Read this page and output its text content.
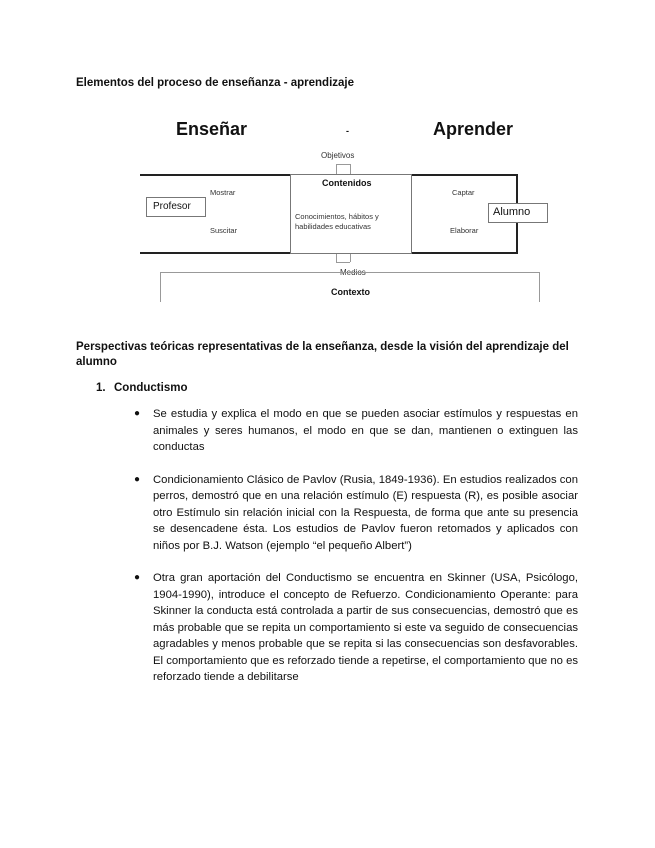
Elementos del proceso de enseñanza - aprendizaje
Enseñar	-	Aprender
Objetivos
Contenidos
Conocimientos, hábitos y habilidades educativas
Mostrar
Suscitar
Profesor
Captar
Elaborar
Alumno
Contexto
Perspectivas teóricas representativas de la enseñanza, desde la visión del aprendizaje del alumno
1. Conductismo
● Se estudia y explica el modo en que se pueden asociar estímulos y respuestas en animales y seres humanos, el modo en que se dan, mantienen o extinguen las conductas
● Condicionamiento Clásico de Pavlov (Rusia, 1849-1936). En estudios realizados con perros, demostró que en una relación estímulo (E) respuesta (R), es posible asociar otro Estímulo sin relación inicial con la Respuesta, de forma que ante su presencia se desencadene ésta. Los estudios de Pavlov fueron retomados y aplicados con niños por B.J. Watson (ejemplo “el pequeño Albert”)
● Otra gran aportación del Conductismo se encuentra en Skinner (USA, Psicólogo, 1904-1990), introduce el concepto de Refuerzo. Condicionamiento Operante: para Skinner la conducta está controlada a partir de sus consecuencias, demostró que es más probable que se repita un comportamiento si este va seguido de consecuencias agradables y menos probable que se repita si las consecuencias son desfavorables. El comportamiento que es reforzado tiende a repetirse, el comportamiento que no es reforzado tiende a debilitarse
